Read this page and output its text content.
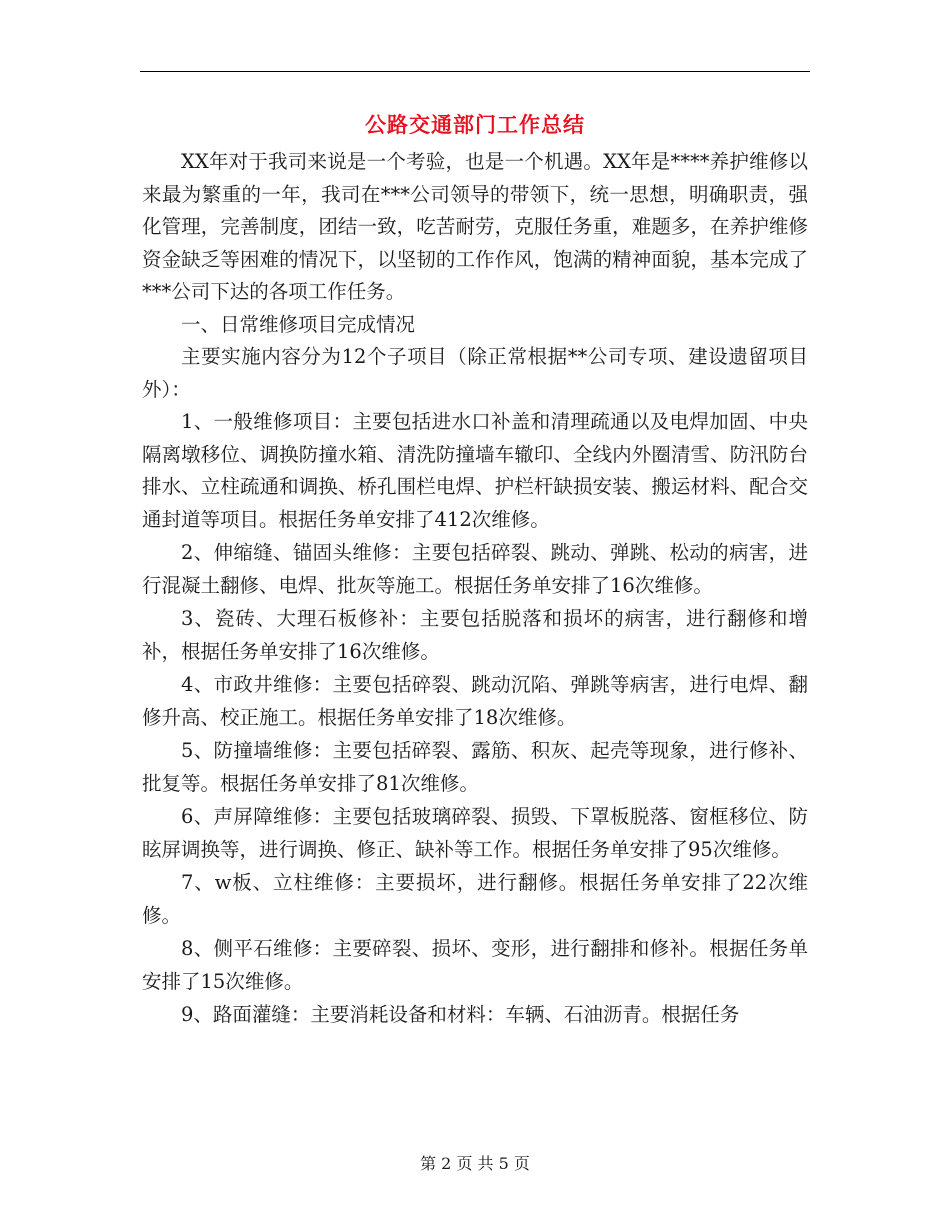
公路交通部门工作总结

XX年对于我司来说是一个考验，也是一个机遇。XX年是****养护维修以来最为繁重的一年，我司在***公司领导的带领下，统一思想，明确职责，强化管理，完善制度，团结一致，吃苦耐劳，克服任务重，难题多，在养护维修资金缺乏等困难的情况下，以坚韧的工作作风，饱满的精神面貌，基本完成了***公司下达的各项工作任务。

一、日常维修项目完成情况

主要实施内容分为12个子项目（除正常根据**公司专项、建设遗留项目外）：

1、一般维修项目：主要包括进水口补盖和清理疏通以及电焊加固、中央隔离墩移位、调换防撞水箱、清洗防撞墙车辙印、全线内外圈清雪、防汛防台排水、立柱疏通和调换、桥孔围栏电焊、护栏杆缺损安装、搬运材料、配合交通封道等项目。根据任务单安排了412次维修。

2、伸缩缝、锚固头维修：主要包括碎裂、跳动、弹跳、松动的病害，进行混凝土翻修、电焊、批灰等施工。根据任务单安排了16次维修。

3、瓷砖、大理石板修补：主要包括脱落和损坏的病害，进行翻修和增补，根据任务单安排了16次维修。

4、市政井维修：主要包括碎裂、跳动沉陷、弹跳等病害，进行电焊、翻修升高、校正施工。根据任务单安排了18次维修。

5、防撞墙维修：主要包括碎裂、露筋、积灰、起壳等现象，进行修补、批复等。根据任务单安排了81次维修。

6、声屏障维修：主要包括玻璃碎裂、损毁、下罩板脱落、窗框移位、防眩屏调换等，进行调换、修正、缺补等工作。根据任务单安排了95次维修。

7、w板、立柱维修：主要损坏，进行翻修。根据任务单安排了22次维修。

8、侧平石维修：主要碎裂、损坏、变形，进行翻排和修补。根据任务单安排了15次维修。

9、路面灌缝：主要消耗设备和材料：车辆、石油沥青。根据任务

第 2 页 共 5 页
